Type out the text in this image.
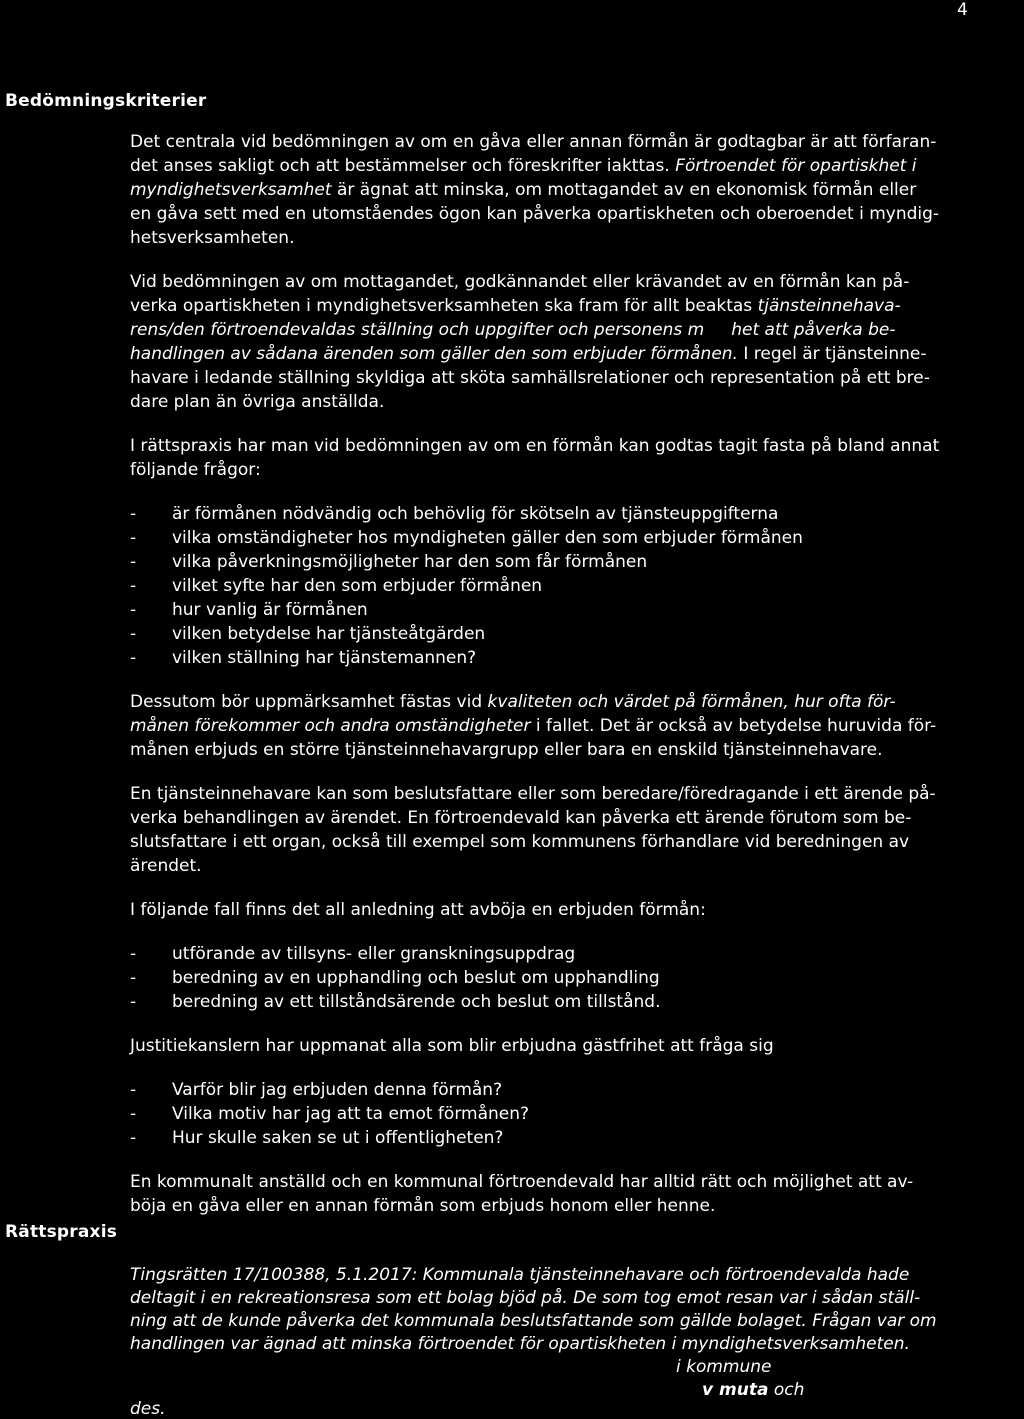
4
Bedömningskriterier
Rättspraxis
Det centrala vid bedömningen av om en gåva eller annan förmån är godtagbar är att förfaran-
det anses sakligt och att bestämmelser och föreskrifter iakttas. Förtroendet för opartiskhet i
myndighetsverksamhet är ägnat att minska, om mottagandet av en ekonomisk förmån eller
en gåva sett med en utomståendes ögon kan påverka opartiskheten och oberoendet i myndig-
hetsverksamheten.
Vid bedömningen av om mottagandet, godkännandet eller krävandet av en förmån kan på-
verka opartiskheten i myndighetsverksamheten ska fram för allt beaktas tjänsteinnehava-
rens/den förtroendevaldas ställning och uppgifter och personens m     het att påverka be-
handlingen av sådana ärenden som gäller den som erbjuder förmånen. I regel är tjänsteinne-
havare i ledande ställning skyldiga att sköta samhällsrelationer och representation på ett bre-
dare plan än övriga anställda.
I rättspraxis har man vid bedömningen av om en förmån kan godtas tagit fasta på bland annat
följande frågor:
- är förmånen nödvändig och behövlig för skötseln av tjänsteuppgifterna
- vilka omständigheter hos myndigheten gäller den som erbjuder förmånen
- vilka påverkningsmöjligheter har den som får förmånen
- vilket syfte har den som erbjuder förmånen
- hur vanlig är förmånen
- vilken betydelse har tjänsteåtgärden
- vilken ställning har tjänstemannen?
Dessutom bör uppmärksamhet fästas vid kvaliteten och värdet på förmånen, hur ofta för-
månen förekommer och andra omständigheter i fallet. Det är också av betydelse huruvida för-
månen erbjuds en större tjänsteinnehavargrupp eller bara en enskild tjänsteinnehavare.
En tjänsteinnehavare kan som beslutsfattare eller som beredare/föredragande i ett ärende på-
verka behandlingen av ärendet. En förtroendevald kan påverka ett ärende förutom som be-
slutsfattare i ett organ, också till exempel som kommunens förhandlare vid beredningen av
ärendet.
I följande fall finns det all anledning att avböja en erbjuden förmån:
- utförande av tillsyns- eller granskningsuppdrag
- beredning av en upphandling och beslut om upphandling
- beredning av ett tillståndsärende och beslut om tillstånd.
Justitiekanslern har uppmanat alla som blir erbjudna gästfrihet att fråga sig
- Varför blir jag erbjuden denna förmån?
- Vilka motiv har jag att ta emot förmånen?
- Hur skulle saken se ut i offentligheten?
En kommunalt anställd och en kommunal förtroendevald har alltid rätt och möjlighet att av-
böja en gåva eller en annan förmån som erbjuds honom eller henne.
Tingsrätten 17/100388, 5.1.2017: Kommunala tjänsteinnehavare och förtroendevalda hade
deltagit i en rekreationsresa som ett bolag bjöd på. De som tog emot resan var i sådan ställ-
ning att de kunde påverka det kommunala beslutsfattande som gällde bolaget. Frågan var om
handlingen var ägnad att minska förtroendet för opartiskheten i myndighetsverksamheten.
i kommune
v muta och
des.
